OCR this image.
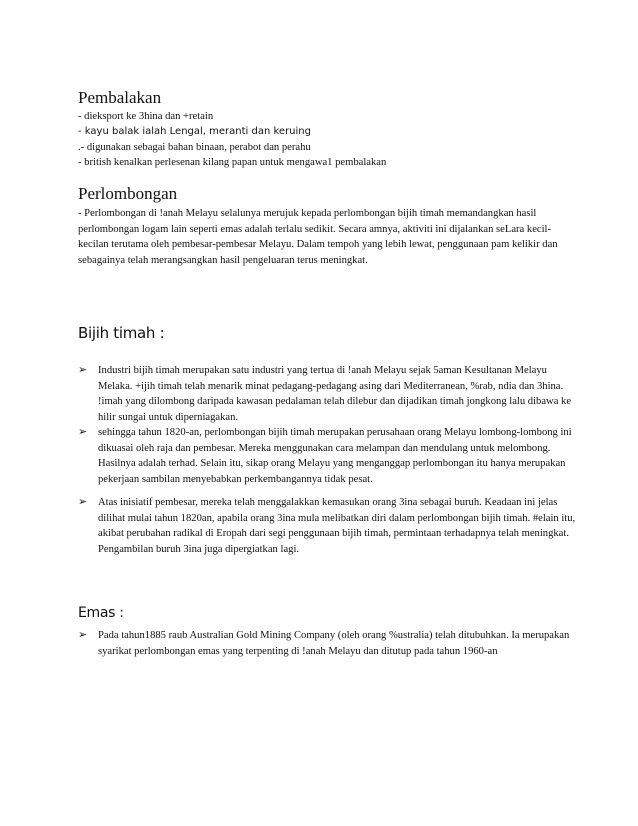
Pembalakan
- dieksport ke 3hina dan +retain
- kayu balak ialah Lengal, meranti dan keruing
.- digunakan sebagai bahan binaan, perabot dan perahu
- british kenalkan perlesenan kilang papan untuk mengawa1 pembalakan
Perlombongan
- Perlombongan di !anah Melayu selalunya merujuk kepada perlombongan bijih timah memandangkan hasil perlombongan logam lain seperti emas adalah terlalu sedikit. Secara amnya, aktiviti ini dijalankan seLara kecil-kecilan terutama oleh pembesar-pembesar Melayu. Dalam tempoh yang lebih lewat, penggunaan pam kelikir dan sebagainya telah merangsangkan hasil pengeluaran terus meningkat.
Bijih timah :
➢	Industri bijih timah merupakan satu industri yang tertua di !anah Melayu sejak 5aman Kesultanan Melayu Melaka. +ijih timah telah menarik minat pedagang-pedagang asing dari Mediterranean, %rab, ndia dan 3hina. !imah yang dilombong daripada kawasan pedalaman telah dilebur dan dijadikan timah jongkong lalu dibawa ke hilir sungai untuk diperniagakan.
➢	sehingga tahun 1820-an, perlombongan bijih timah merupakan perusahaan orang Melayu lombong-lombong ini dikuasai oleh raja dan pembesar. Mereka menggunakan cara melampan dan mendulang untuk melombong. Hasilnya adalah terhad. Selain itu, sikap orang Melayu yang menganggap perlombongan itu hanya merupakan pekerjaan sambilan menyebabkan perkembangannya tidak pesat.
➢	Atas inisiatif pembesar, mereka telah menggalakkan kemasukan orang 3ina sebagai buruh. Keadaan ini jelas dilihat mulai tahun 1820an, apabila orang 3ina mula melibatkan diri dalam perlombongan bijih timah. #elain itu, akibat perubahan radikal di Eropah dari segi penggunaan bijih timah, permintaan terhadapnya telah meningkat. Pengambilan buruh 3ina juga dipergiatkan lagi.
Emas :
➢	Pada tahun1885 raub Australian Gold Mining Company (oleh orang %ustralia) telah ditubuhkan. Ia merupakan syarikat perlombongan emas yang terpenting di !anah Melayu dan ditutup pada tahun 1960-an
